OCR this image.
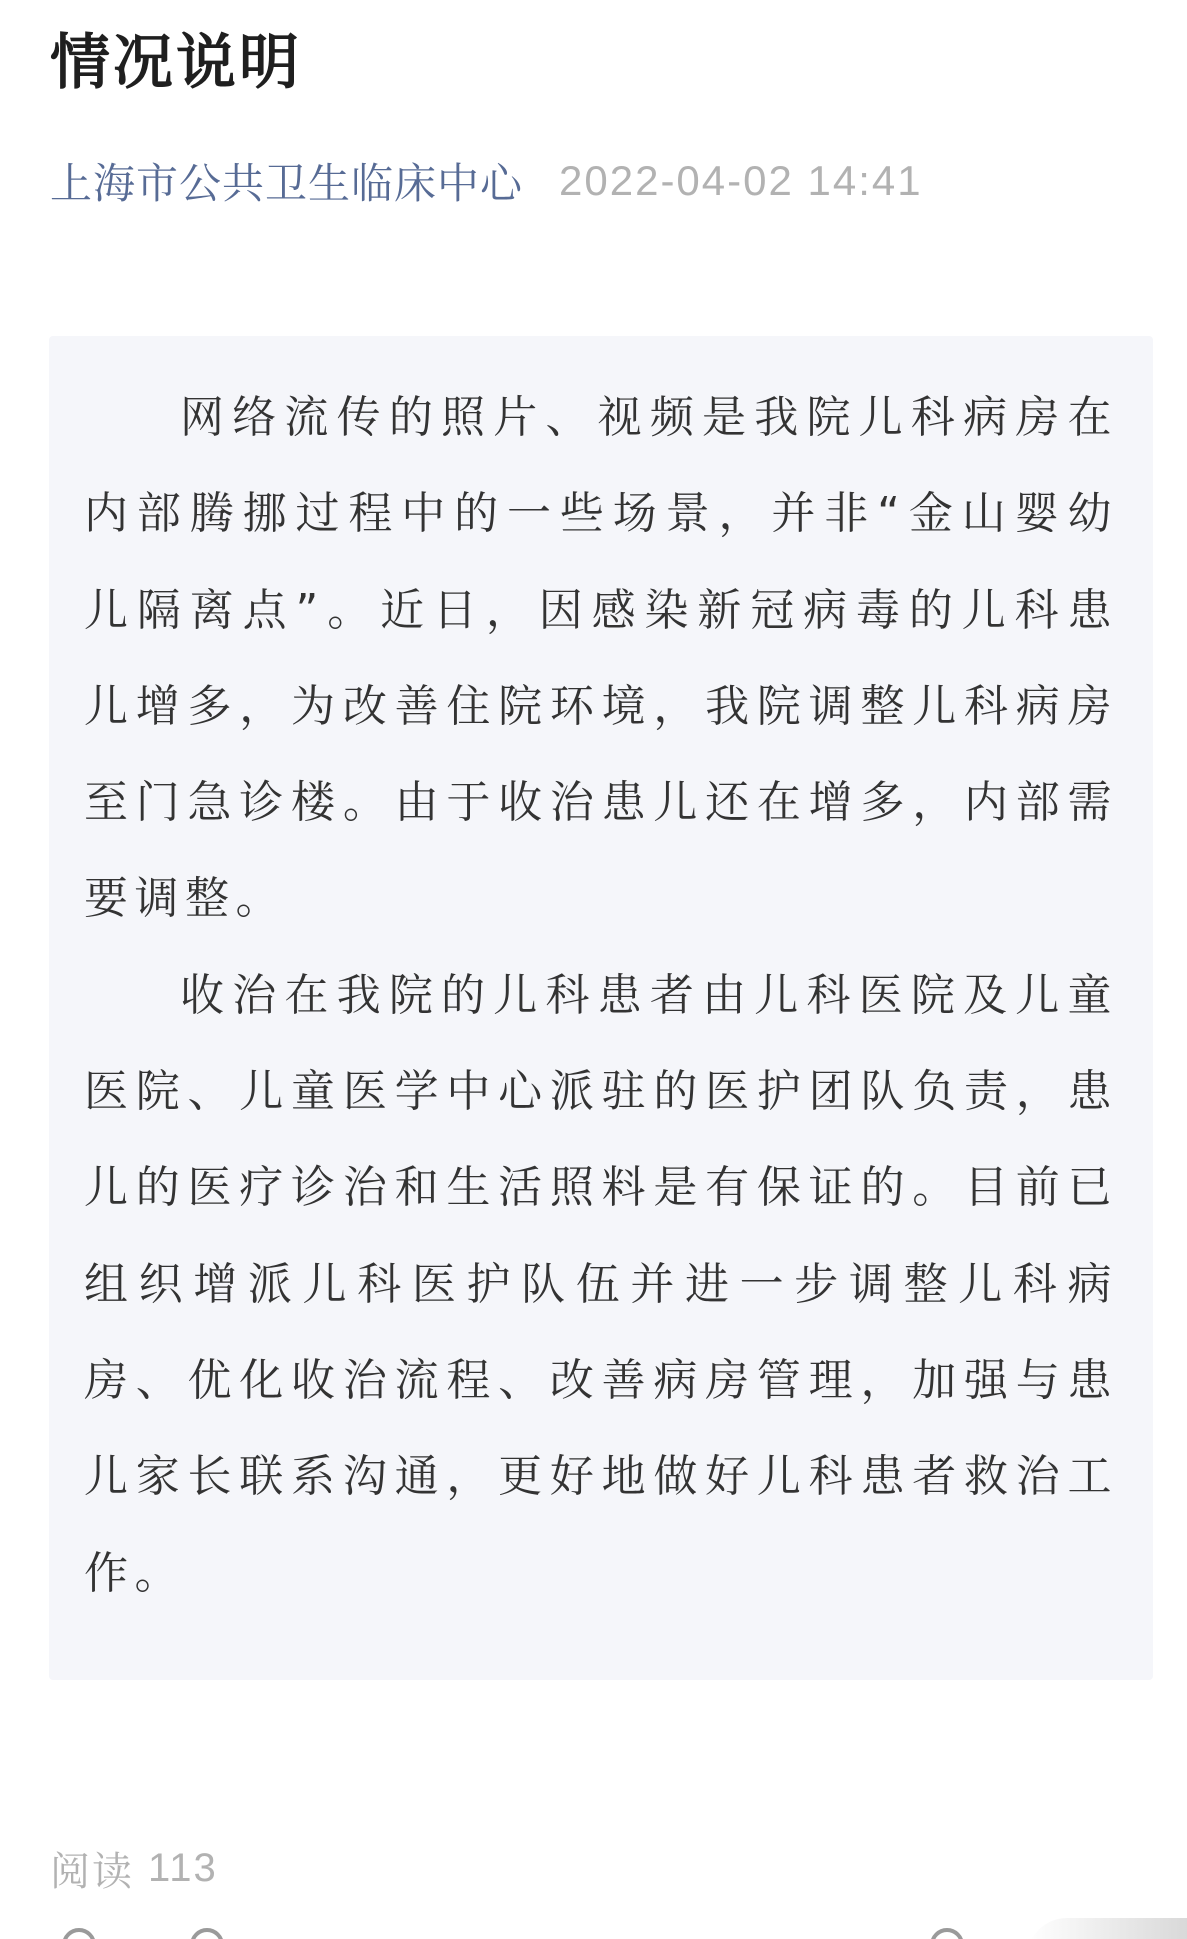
情况说明
上海市公共卫生临床中心 2022-04-02 14:41

网络流传的照片、视频是我院儿科病房在内部腾挪过程中的一些场景，并非“金山婴幼儿隔离点”。近日，因感染新冠病毒的儿科患儿增多，为改善住院环境，我院调整儿科病房至门急诊楼。由于收治患儿还在增多，内部需要调整。

收治在我院的儿科患者由儿科医院及儿童医院、儿童医学中心派驻的医护团队负责，患儿的医疗诊治和生活照料是有保证的。目前已组织增派儿科医护队伍并进一步调整儿科病房、优化收治流程、改善病房管理，加强与患儿家长联系沟通，更好地做好儿科患者救治工作。

阅读 113
